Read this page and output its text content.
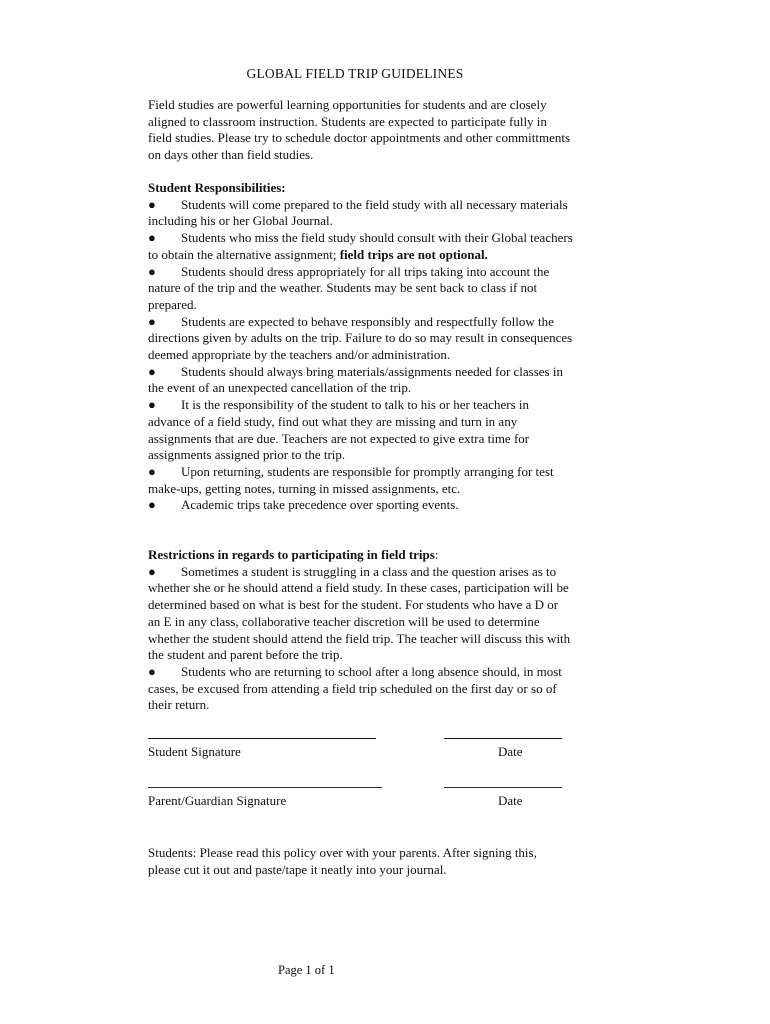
GLOBAL FIELD TRIP GUIDELINES
Field studies are powerful learning opportunities for students and are closely aligned to classroom instruction. Students are expected to participate fully in field studies. Please try to schedule doctor appointments and other committments on days other than field studies.

Student Responsibilities:

● Students will come prepared to the field study with all necessary materials including his or her Global Journal.

● Students who miss the field study should consult with their Global teachers to obtain the alternative assignment; field trips are not optional.

● Students should dress appropriately for all trips taking into account the nature of the trip and the weather. Students may be sent back to class if not prepared.

● Students are expected to behave responsibly and respectfully follow the directions given by adults on the trip. Failure to do so may result in consequences deemed appropriate by the teachers and/or administration.

● Students should always bring materials/assignments needed for classes in the event of an unexpected cancellation of the trip.

● It is the responsibility of the student to talk to his or her teachers in advance of a field study, find out what they are missing and turn in any assignments that are due. Teachers are not expected to give extra time for assignments assigned prior to the trip.

● Upon returning, students are responsible for promptly arranging for test make-ups, getting notes, turning in missed assignments, etc.

● Academic trips take precedence over sporting events.

Restrictions in regards to participating in field trips:

● Sometimes a student is struggling in a class and the question arises as to whether she or he should attend a field study. In these cases, participation will be determined based on what is best for the student. For students who have a D or an E in any class, collaborative teacher discretion will be used to determine whether the student should attend the field trip. The teacher will discuss this with the student and parent before the trip.

● Students who are returning to school after a long absence should, in most cases, be excused from attending a field trip scheduled on the first day or so of their return.

Student Signature	Date
Parent/Guardian Signature	Date
Students: Please read this policy over with your parents. After signing this, please cut it out and paste/tape it neatly into your journal.
Page 1 of 1
